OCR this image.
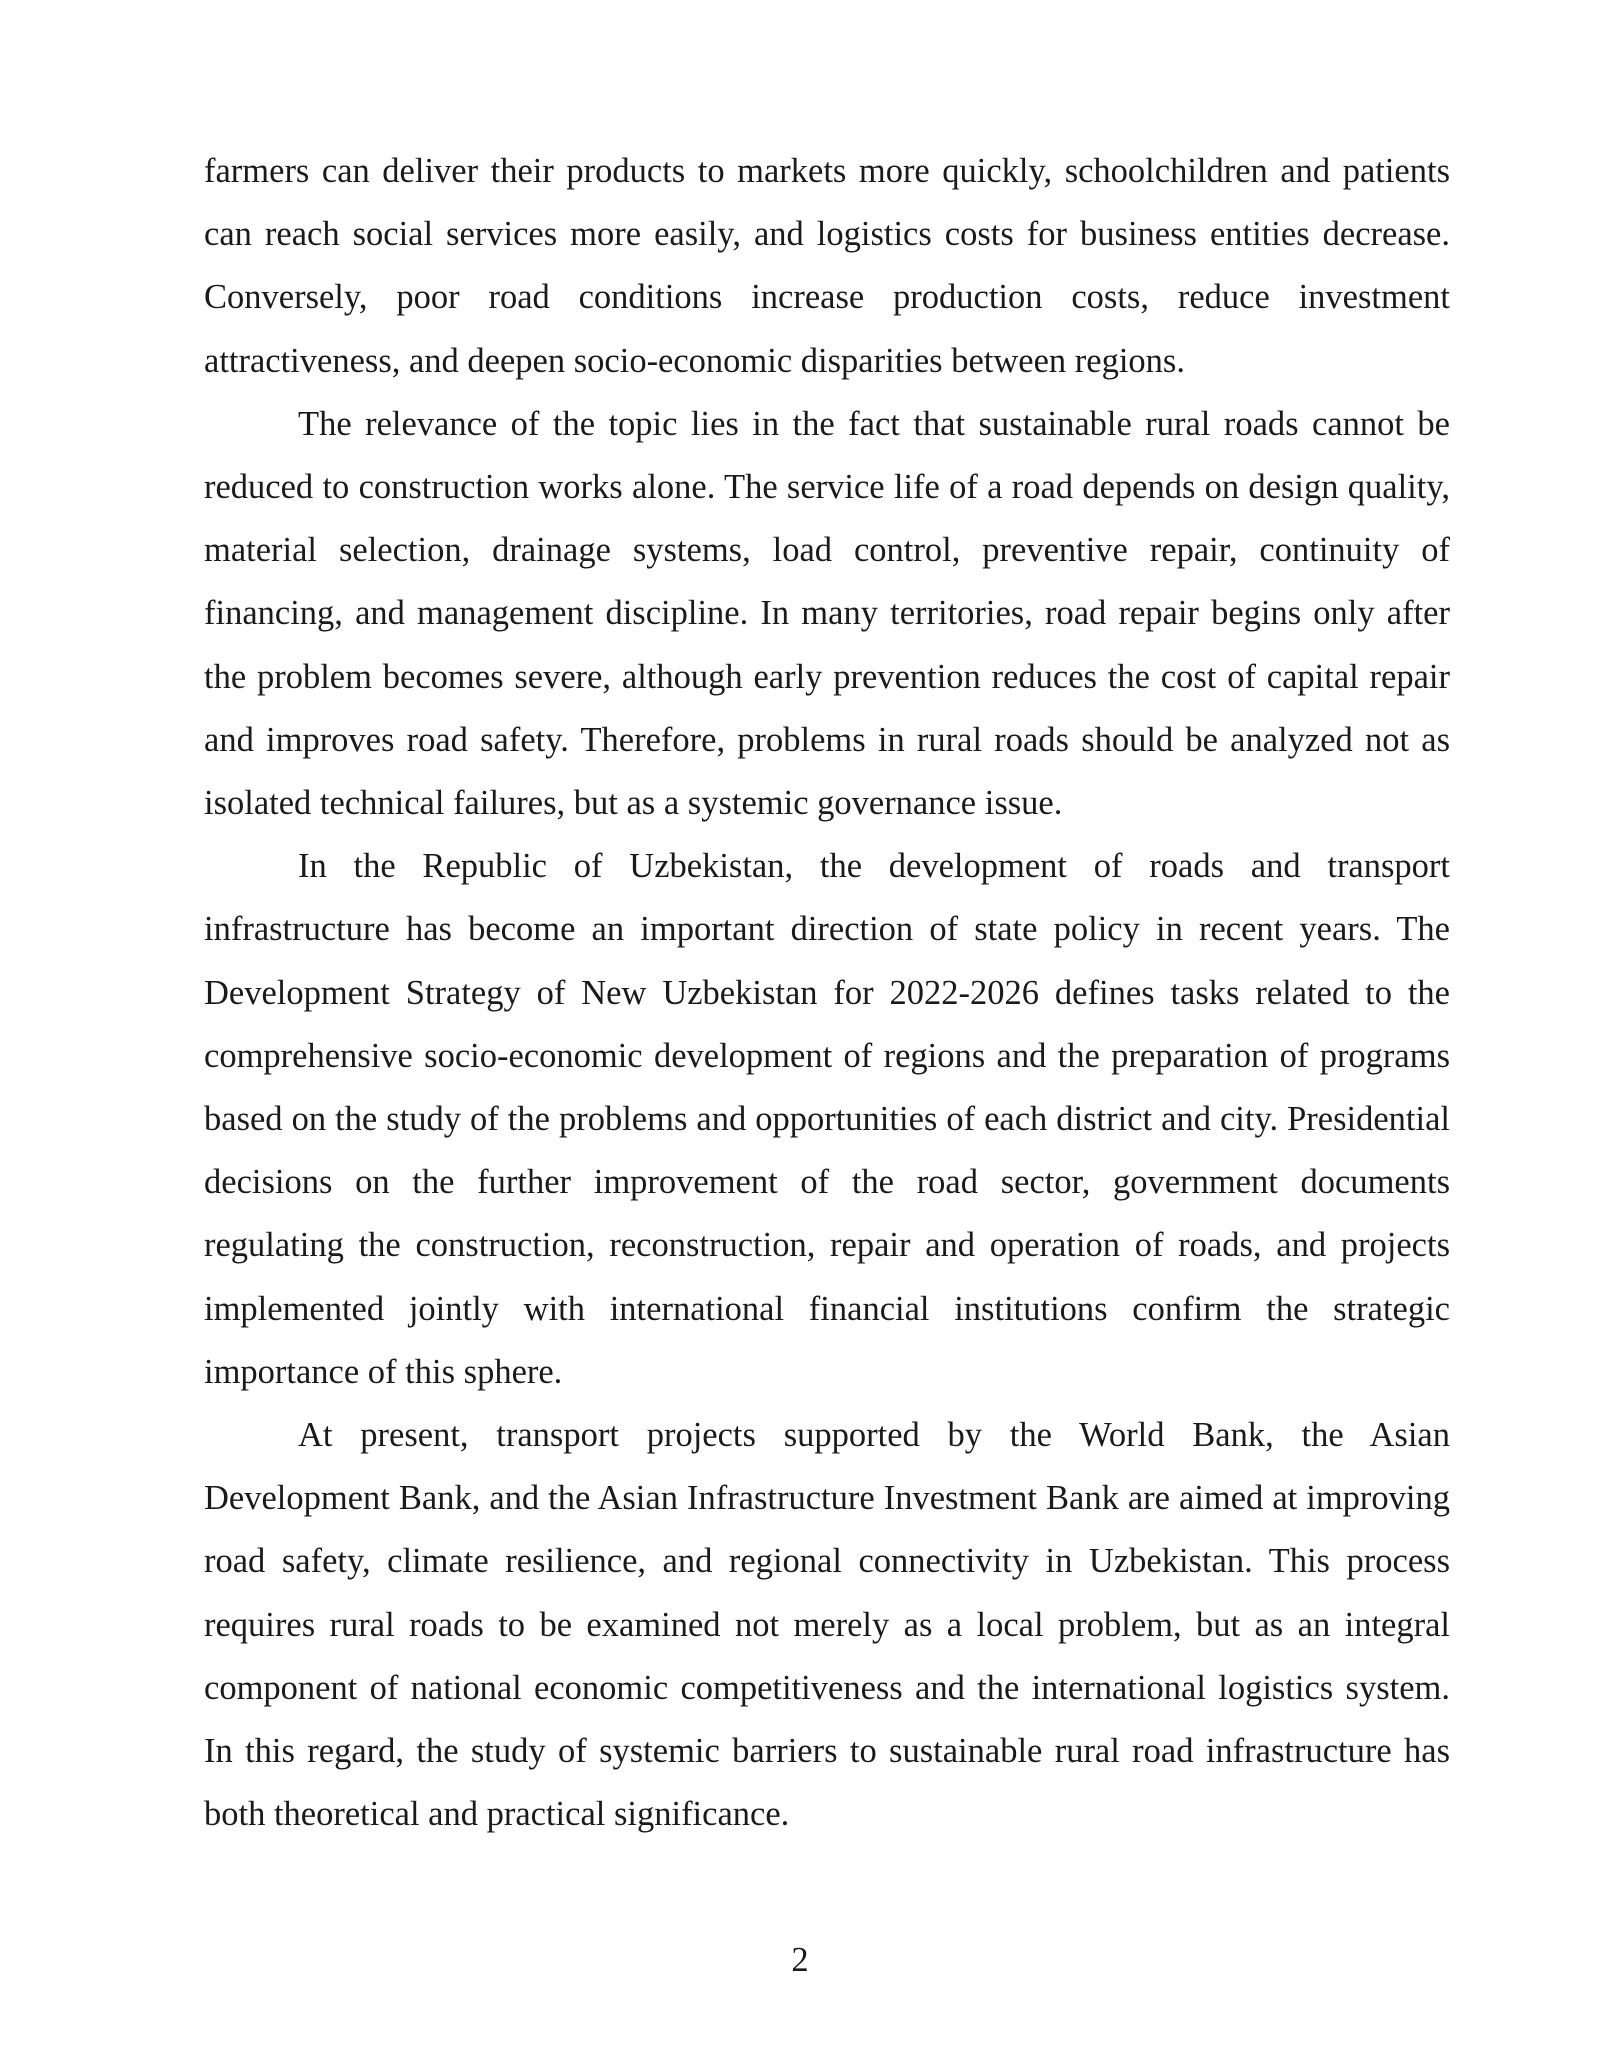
farmers can deliver their products to markets more quickly, schoolchildren and patients can reach social services more easily, and logistics costs for business entities decrease. Conversely, poor road conditions increase production costs, reduce investment attractiveness, and deepen socio-economic disparities between regions.

The relevance of the topic lies in the fact that sustainable rural roads cannot be reduced to construction works alone. The service life of a road depends on design quality, material selection, drainage systems, load control, preventive repair, continuity of financing, and management discipline. In many territories, road repair begins only after the problem becomes severe, although early prevention reduces the cost of capital repair and improves road safety. Therefore, problems in rural roads should be analyzed not as isolated technical failures, but as a systemic governance issue.

In the Republic of Uzbekistan, the development of roads and transport infrastructure has become an important direction of state policy in recent years. The Development Strategy of New Uzbekistan for 2022-2026 defines tasks related to the comprehensive socio-economic development of regions and the preparation of programs based on the study of the problems and opportunities of each district and city. Presidential decisions on the further improvement of the road sector, government documents regulating the construction, reconstruction, repair and operation of roads, and projects implemented jointly with international financial institutions confirm the strategic importance of this sphere.

At present, transport projects supported by the World Bank, the Asian Development Bank, and the Asian Infrastructure Investment Bank are aimed at improving road safety, climate resilience, and regional connectivity in Uzbekistan. This process requires rural roads to be examined not merely as a local problem, but as an integral component of national economic competitiveness and the international logistics system. In this regard, the study of systemic barriers to sustainable rural road infrastructure has both theoretical and practical significance.

2
